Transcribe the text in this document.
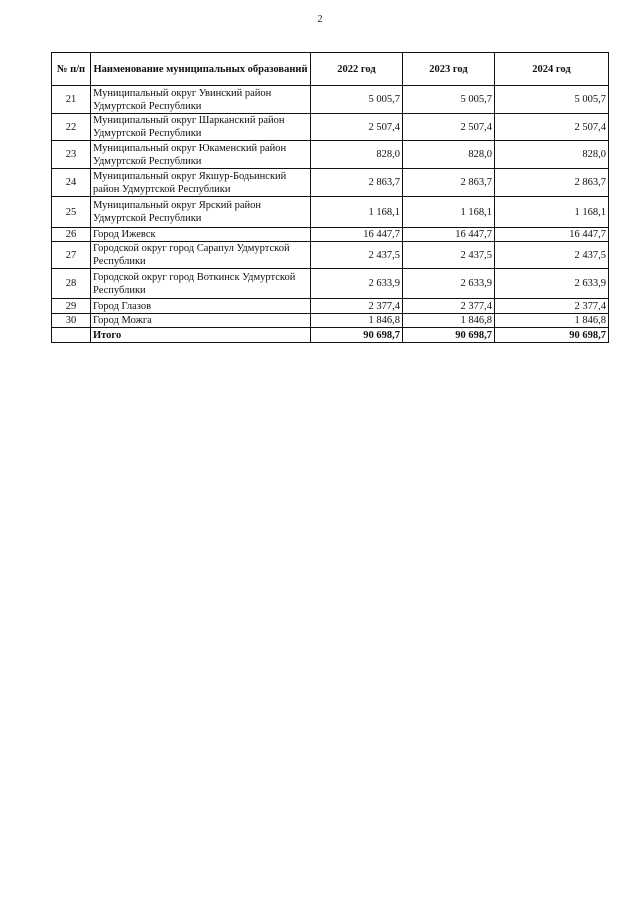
2
№ п/п	Наименование муниципальных образований	2022 год	2023 год	2024 год
21	Муниципальный округ Увинский район Удмуртской Республики	5 005,7	5 005,7	5 005,7
22	Муниципальный округ Шарканский район Удмуртской Республики	2 507,4	2 507,4	2 507,4
23	Муниципальный округ Юкаменский район Удмуртской Республики	828,0	828,0	828,0
24	Муниципальный округ Якшур-Бодьинский район Удмуртской Республики	2 863,7	2 863,7	2 863,7
25	Муниципальный округ Ярский район Удмуртской Республики	1 168,1	1 168,1	1 168,1
26	Город Ижевск	16 447,7	16 447,7	16 447,7
27	Городской округ город Сарапул Удмуртской Республики	2 437,5	2 437,5	2 437,5
28	Городской округ город Воткинск Удмуртской Республики	2 633,9	2 633,9	2 633,9
29	Город Глазов	2 377,4	2 377,4	2 377,4
30	Город Можга	1 846,8	1 846,8	1 846,8
	Итого	90 698,7	90 698,7	90 698,7
